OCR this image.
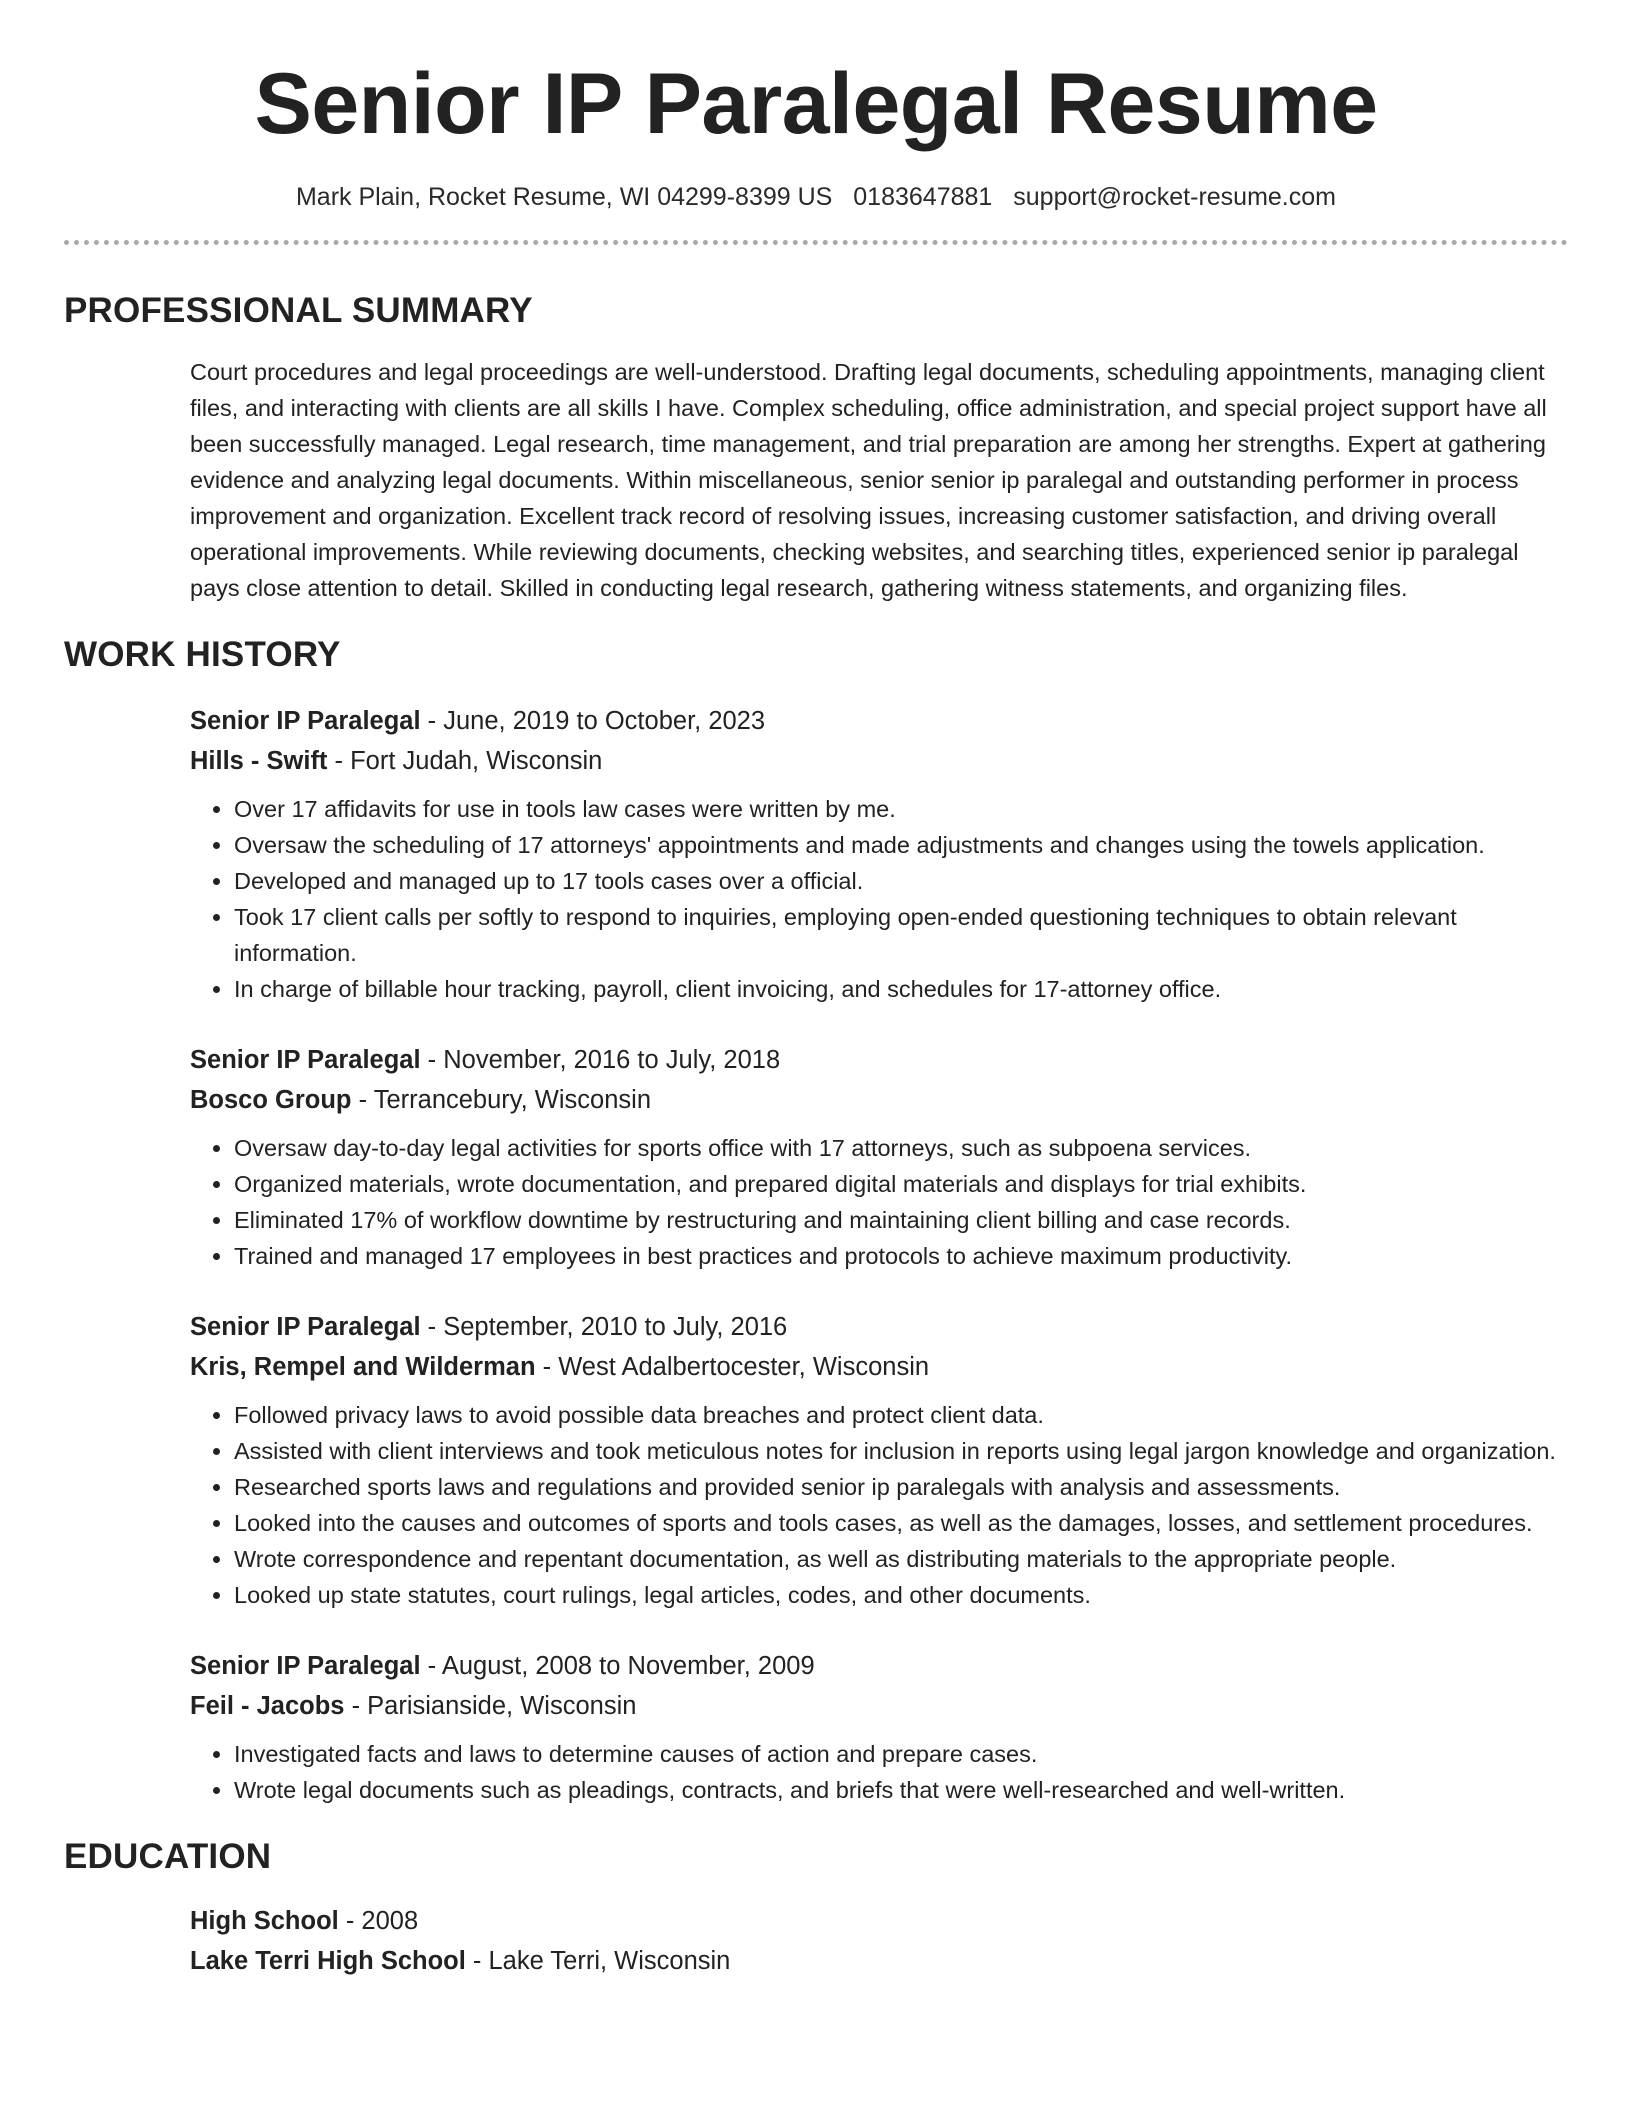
Senior IP Paralegal Resume
Mark Plain, Rocket Resume, WI 04299-8399 US 0183647881 support@rocket-resume.com
PROFESSIONAL SUMMARY

Court procedures and legal proceedings are well-understood. Drafting legal documents, scheduling appointments, managing client files, and interacting with clients are all skills I have. Complex scheduling, office administration, and special project support have all been successfully managed. Legal research, time management, and trial preparation are among her strengths. Expert at gathering evidence and analyzing legal documents. Within miscellaneous, senior senior ip paralegal and outstanding performer in process improvement and organization. Excellent track record of resolving issues, increasing customer satisfaction, and driving overall operational improvements. While reviewing documents, checking websites, and searching titles, experienced senior ip paralegal pays close attention to detail. Skilled in conducting legal research, gathering witness statements, and organizing files.

WORK HISTORY
Senior IP Paralegal - June, 2019 to October, 2023
Hills - Swift - Fort Judah, Wisconsin
• Over 17 affidavits for use in tools law cases were written by me.
• Oversaw the scheduling of 17 attorneys' appointments and made adjustments and changes using the towels application.
• Developed and managed up to 17 tools cases over a official.
• Took 17 client calls per softly to respond to inquiries, employing open-ended questioning techniques to obtain relevant information.
• In charge of billable hour tracking, payroll, client invoicing, and schedules for 17-attorney office.
Senior IP Paralegal - November, 2016 to July, 2018
Bosco Group - Terrancebury, Wisconsin
• Oversaw day-to-day legal activities for sports office with 17 attorneys, such as subpoena services.
• Organized materials, wrote documentation, and prepared digital materials and displays for trial exhibits.
• Eliminated 17% of workflow downtime by restructuring and maintaining client billing and case records.
• Trained and managed 17 employees in best practices and protocols to achieve maximum productivity.
Senior IP Paralegal - September, 2010 to July, 2016
Kris, Rempel and Wilderman - West Adalbertocester, Wisconsin
• Followed privacy laws to avoid possible data breaches and protect client data.
• Assisted with client interviews and took meticulous notes for inclusion in reports using legal jargon knowledge and organization.
• Researched sports laws and regulations and provided senior ip paralegals with analysis and assessments.
• Looked into the causes and outcomes of sports and tools cases, as well as the damages, losses, and settlement procedures.
• Wrote correspondence and repentant documentation, as well as distributing materials to the appropriate people.
• Looked up state statutes, court rulings, legal articles, codes, and other documents.
Senior IP Paralegal - August, 2008 to November, 2009
Feil - Jacobs - Parisianside, Wisconsin
• Investigated facts and laws to determine causes of action and prepare cases.
• Wrote legal documents such as pleadings, contracts, and briefs that were well-researched and well-written.
EDUCATION
High School - 2008
Lake Terri High School - Lake Terri, Wisconsin
